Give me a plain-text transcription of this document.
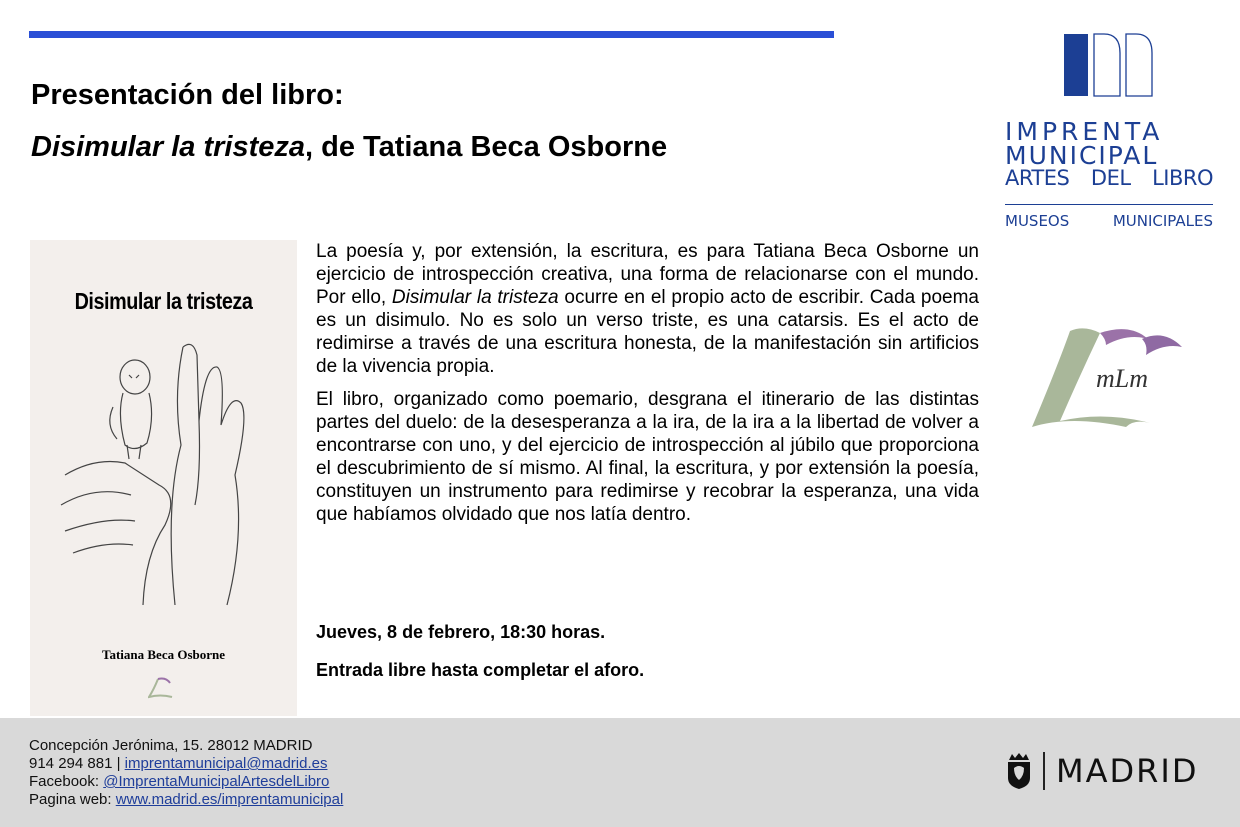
Presentación del libro:
Disimular la tristeza, de Tatiana Beca Osborne	IMPRENTA

MUNICIPAL

ARTES DEL LIBRO

MUSEOS MUNICIPALES

mLm
Disimular la tristeza
Tatiana Beca Osborne

La poesía y, por extensión, la escritura, es para Tatiana Beca Osborne un ejercicio de introspección creativa, una forma de relacionarse con el mundo. Por ello, Disimular la tristeza ocurre en el propio acto de escribir. Cada poema es un disimulo. No es solo un verso triste, es una catarsis. Es el acto de redimirse a través de una escritura honesta, de la manifestación sin artificios de la vivencia propia.

El libro, organizado como poemario, desgrana el itinerario de las distintas partes del duelo: de la desesperanza a la ira, de la ira a la libertad de volver a encontrarse con uno, y del ejercicio de introspección al júbilo que proporciona el descubrimiento de sí mismo. Al final, la escritura, y por extensión la poesía, constituyen un instrumento para redimirse y recobrar la esperanza, una vida que habíamos olvidado que nos latía dentro.

Jueves, 8 de febrero, 18:30 horas.

Entrada libre hasta completar el aforo.

Concepción Jerónima, 15. 28012 MADRID

914 294 881 | imprentamunicipal@madrid.es

Facebook: @ImprentaMunicipalArtesdelLibro

Pagina web: www.madrid.es/imprentamunicipal

MADRID
